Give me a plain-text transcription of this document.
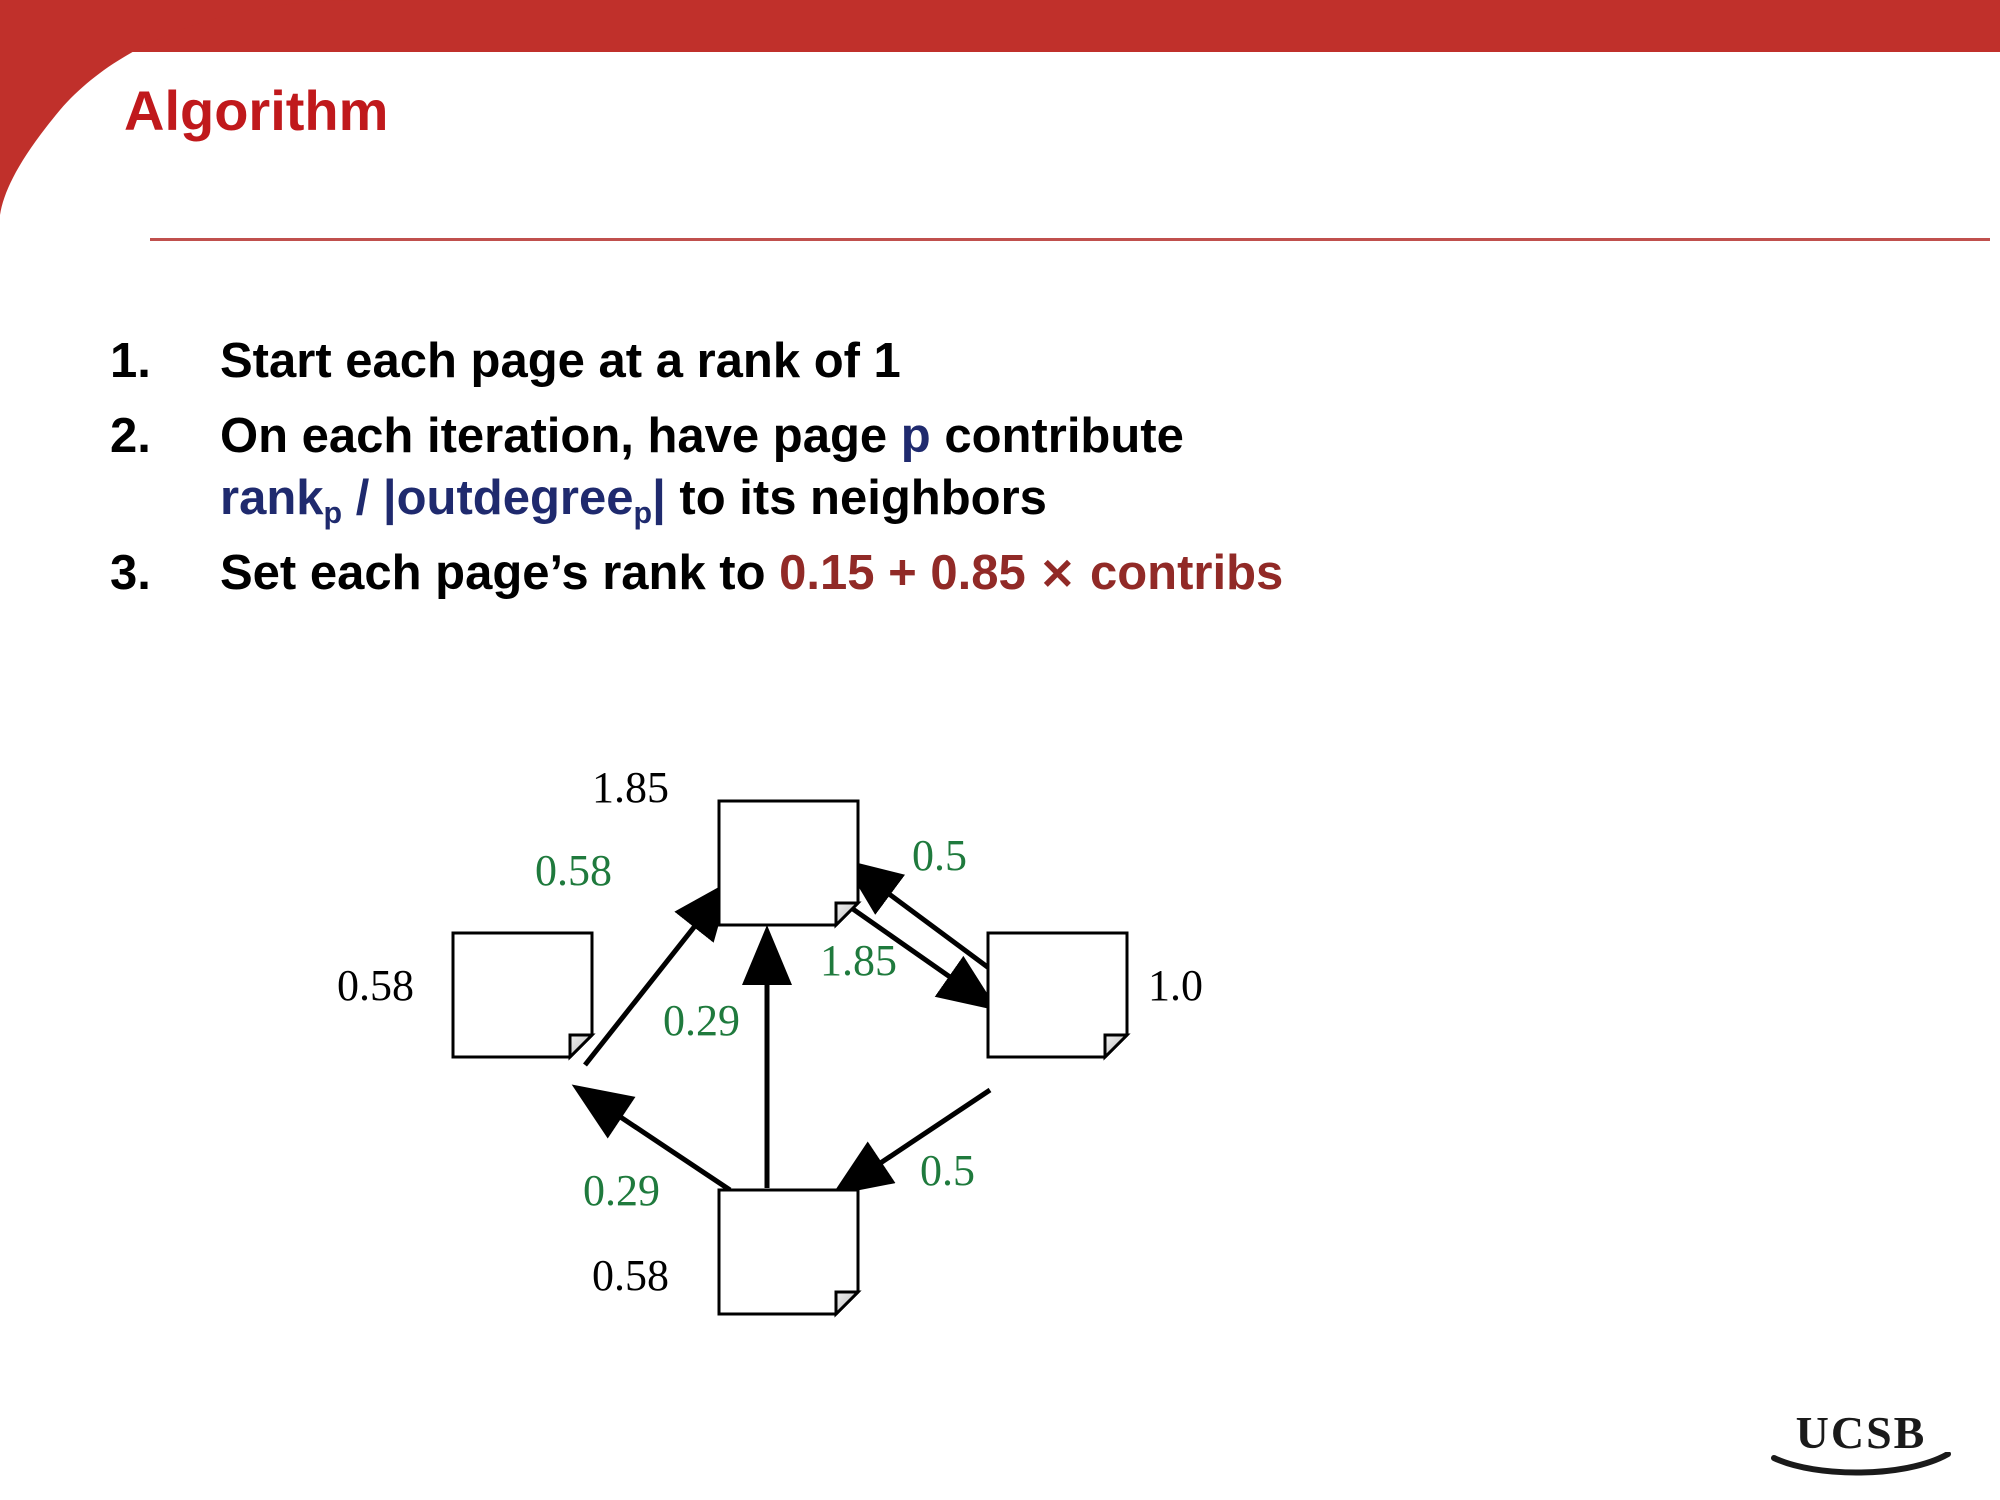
Algorithm
1.	Start each page at a rank of 1
2.	On each iteration, have page p contribute
rank$_p$ / |outdegree$_p$| to its neighbors
3.	Set each page’s rank to 0.15 + 0.85 ✕ contribs
1.85
0.58	1.0
0.58
0.58	0.5
1.85
0.29
0.29	0.5
UCSB
